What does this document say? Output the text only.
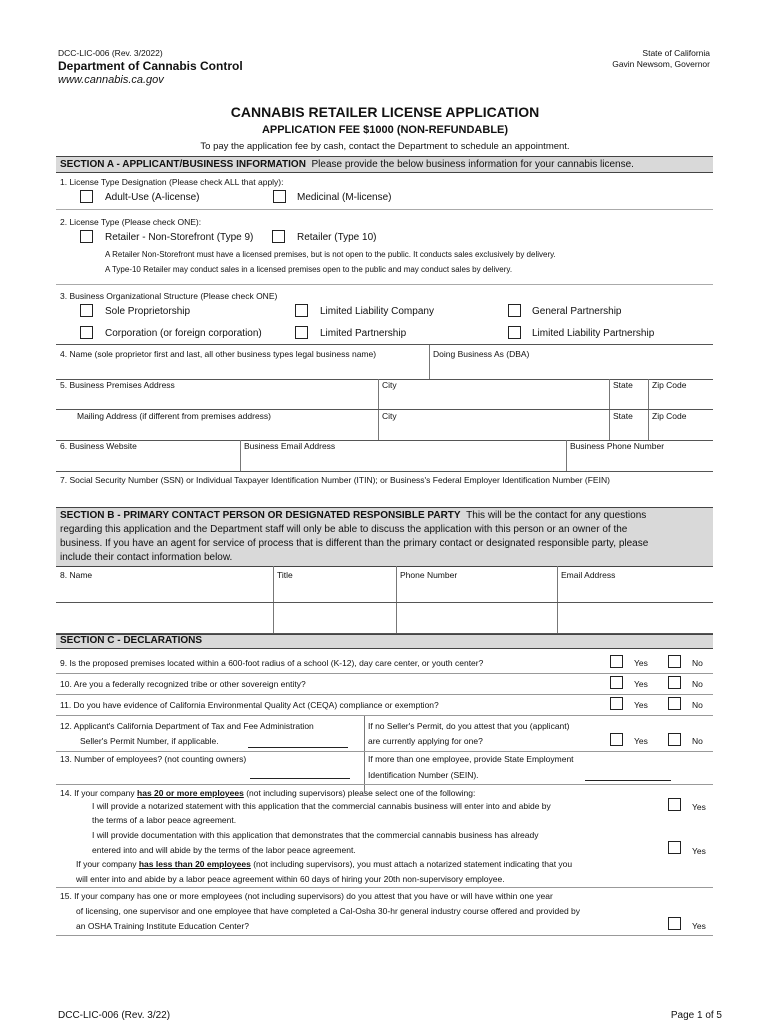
DCC-LIC-006 (Rev. 3/2022)
Department of Cannabis Control
www.cannabis.ca.gov
State of California
Gavin Newsom, Governor
CANNABIS RETAILER LICENSE APPLICATION
APPLICATION FEE $1000 (NON-REFUNDABLE)
To pay the application fee by cash, contact the Department to schedule an appointment.
SECTION A - APPLICANT/BUSINESS INFORMATION Please provide the below business information for your cannabis license.
1. License Type Designation (Please check ALL that apply):
Adult-Use (A-license)	Medicinal (M-license)
2. License Type (Please check ONE):
Retailer - Non-Storefront (Type 9)	Retailer (Type 10)
A Retailer Non-Storefront must have a licensed premises, but is not open to the public. It conducts sales exclusively by delivery.
A Type-10 Retailer may conduct sales in a licensed premises open to the public and may conduct sales by delivery.
3. Business Organizational Structure (Please check ONE)
Sole Proprietorship	Limited Liability Company	General Partnership
Corporation (or foreign corporation)	Limited Partnership	Limited Liability Partnership
4. Name (sole proprietor first and last, all other business types legal business name)	Doing Business As (DBA)
5. Business Premises Address	City	State Zip Code
Mailing Address (if different from premises address)	City	State Zip Code
6. Business Website	Business Email Address	Business Phone Number
7. Social Security Number (SSN) or Individual Taxpayer Identification Number (ITIN); or Business's Federal Employer Identification Number (FEIN)
SECTION B - PRIMARY CONTACT PERSON OR DESIGNATED RESPONSIBLE PARTY This will be the contact for any questions
regarding this application and the Department staff will only be able to discuss the application with this person or an owner of the
business. If you have an agent for service of process that is different than the primary contact or designated responsible party, please
include their contact information below.
8. Name	Title	Phone Number	Email Address
SECTION C - DECLARATIONS
9. Is the proposed premises located within a 600-foot radius of a school (K-12), day care center, or youth center?	Yes	No
10. Are you a federally recognized tribe or other sovereign entity?	Yes	No
11. Do you have evidence of California Environmental Quality Act (CEQA) compliance or exemption?	Yes	No
12. Applicant's California Department of Tax and Fee Administration
Seller's Permit Number, if applicable.
If no Seller's Permit, do you attest that you (applicant)
are currently applying for one?	Yes	No
13. Number of employees? (not counting owners)	If more than one employee, provide State Employment
Identification Number (SEIN).
14. If your company has 20 or more employees (not including supervisors) please select one of the following:
I will provide a notarized statement with this application that the commercial cannabis business will enter into and abide by
the terms of a labor peace agreement.
Yes
I will provide documentation with this application that demonstrates that the commercial cannabis business has already
entered into and will abide by the terms of the labor peace agreement.	Yes
If your company has less than 20 employees (not including supervisors), you must attach a notarized statement indicating that you
will enter into and abide by a labor peace agreement within 60 days of hiring your 20th non-supervisory employee.
15. If your company has one or more employees (not including supervisors) do you attest that you have or will have within one year
of licensing, one supervisor and one employee that have completed a Cal-Osha 30-hr general industry course offered and provided by
an OSHA Training Institute Education Center?	Yes
DCC-LIC-006 (Rev. 3/22)	Page 1 of 5
